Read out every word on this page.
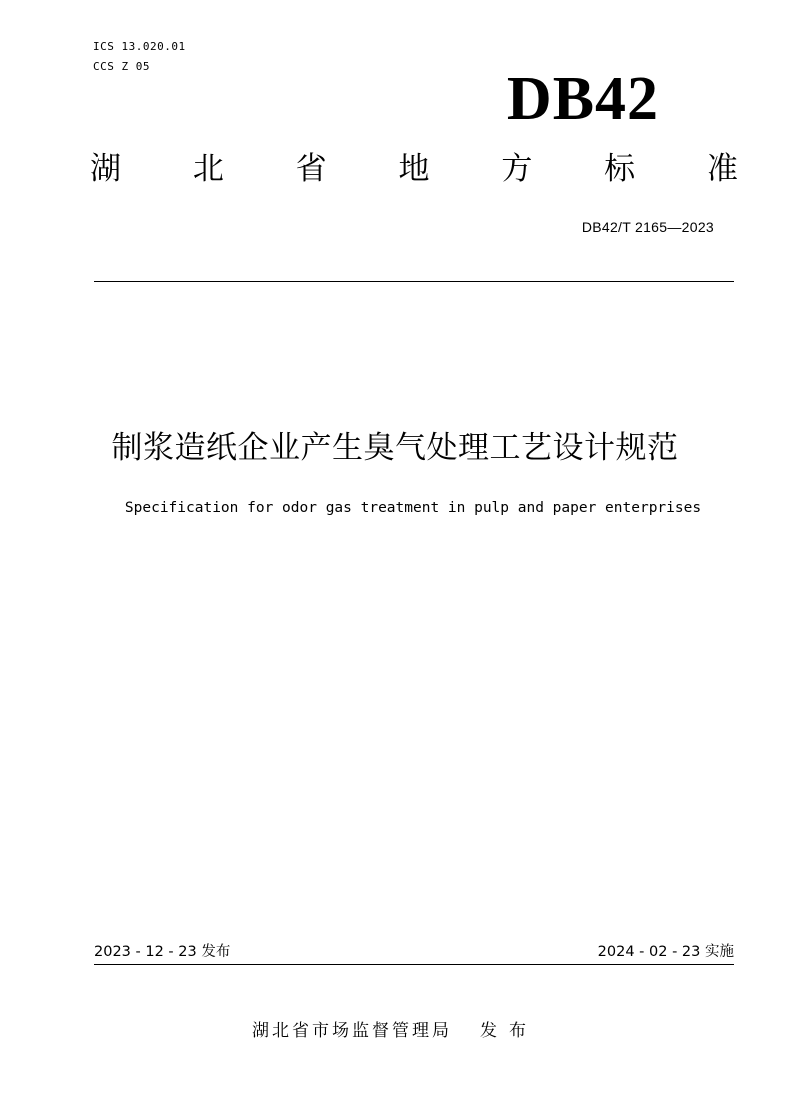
ICS 13.020.01
CCS Z 05	DB42
湖 北 省 地 方 标 准
DB42/T 2165—2023
制浆造纸企业产生臭气处理工艺设计规范
Specification for odor gas treatment in pulp and paper enterprises
2023 - 12 - 23 发布	2024 - 02 - 23 实施
湖北省市场监督管理局 发布
